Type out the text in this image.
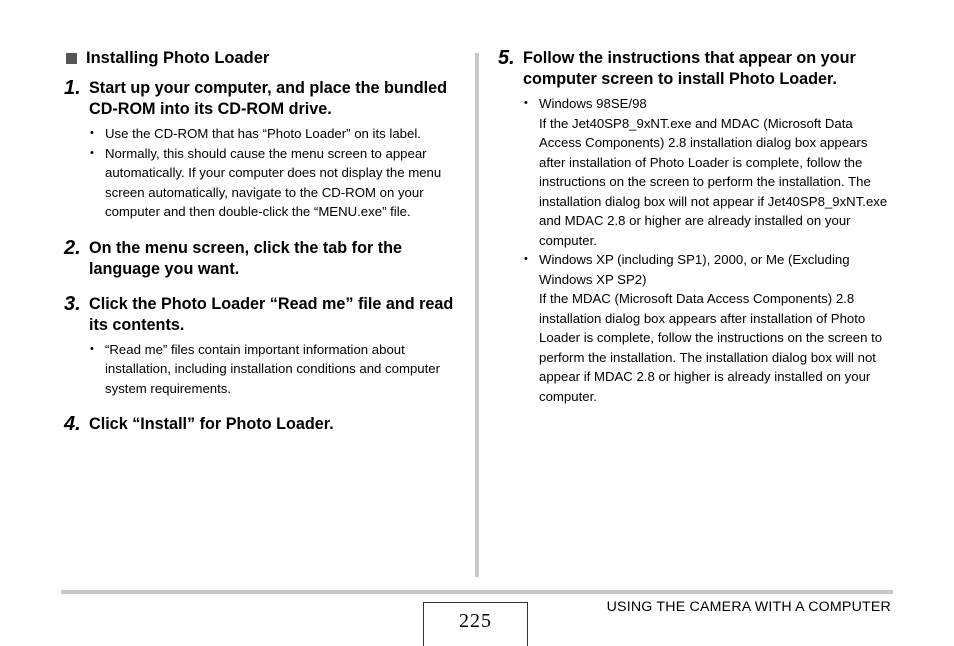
Installing Photo Loader
1. Start up your computer, and place the bundled CD-ROM into its CD-ROM drive.
• Use the CD-ROM that has “Photo Loader” on its label.
• Normally, this should cause the menu screen to appear automatically. If your computer does not display the menu screen automatically, navigate to the CD-ROM on your computer and then double-click the “MENU.exe” file.
2. On the menu screen, click the tab for the language you want.
3. Click the Photo Loader “Read me” file and read its contents.
• “Read me” files contain important information about installation, including installation conditions and computer system requirements.
4. Click “Install” for Photo Loader.
5. Follow the instructions that appear on your computer screen to install Photo Loader.
• Windows 98SE/98
If the Jet40SP8_9xNT.exe and MDAC (Microsoft Data Access Components) 2.8 installation dialog box appears after installation of Photo Loader is complete, follow the instructions on the screen to perform the installation. The installation dialog box will not appear if Jet40SP8_9xNT.exe and MDAC 2.8 or higher are already installed on your computer.
• Windows XP (including SP1), 2000, or Me (Excluding Windows XP SP2)
If the MDAC (Microsoft Data Access Components) 2.8 installation dialog box appears after installation of Photo Loader is complete, follow the instructions on the screen to perform the installation. The installation dialog box will not appear if MDAC 2.8 or higher is already installed on your computer.
225
USING THE CAMERA WITH A COMPUTER
